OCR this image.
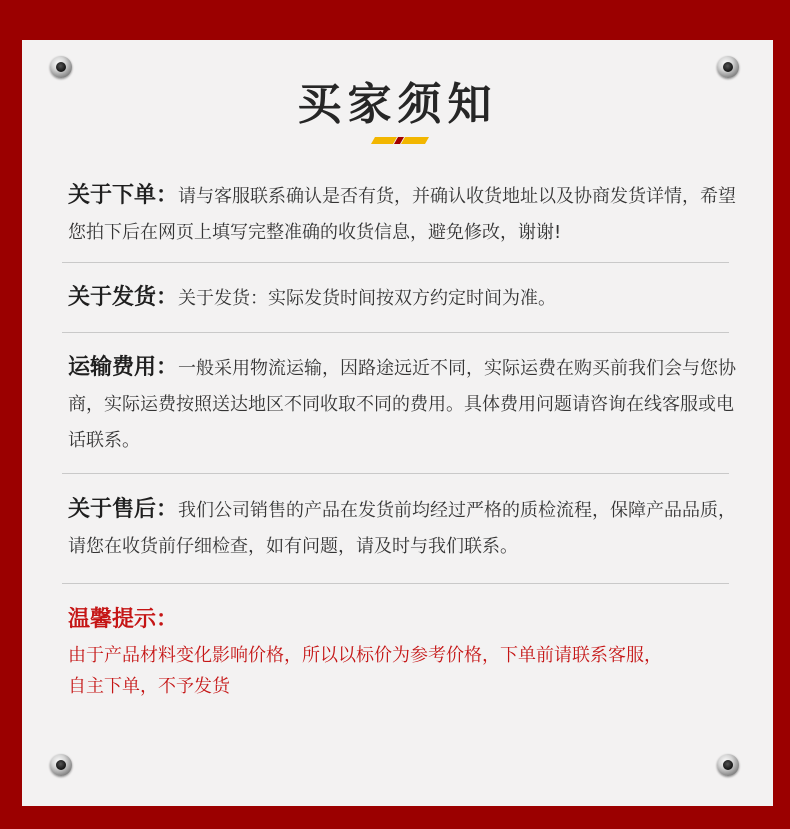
买家须知
关于下单：请与客服联系确认是否有货，并确认收货地址以及协商发货详情，希望您拍下后在网页上填写完整准确的收货信息，避免修改，谢谢!
关于发货：关于发货：实际发货时间按双方约定时间为准。
运输费用：一般采用物流运输，因路途远近不同，实际运费在购买前我们会与您协商，实际运费按照送达地区不同收取不同的费用。具体费用问题请咨询在线客服或电话联系。
关于售后：我们公司销售的产品在发货前均经过严格的质检流程，保障产品品质，请您在收货前仔细检查，如有问题，请及时与我们联系。
温馨提示：
由于产品材料变化影响价格，所以以标价为参考价格，下单前请联系客服，
自主下单，不予发货
